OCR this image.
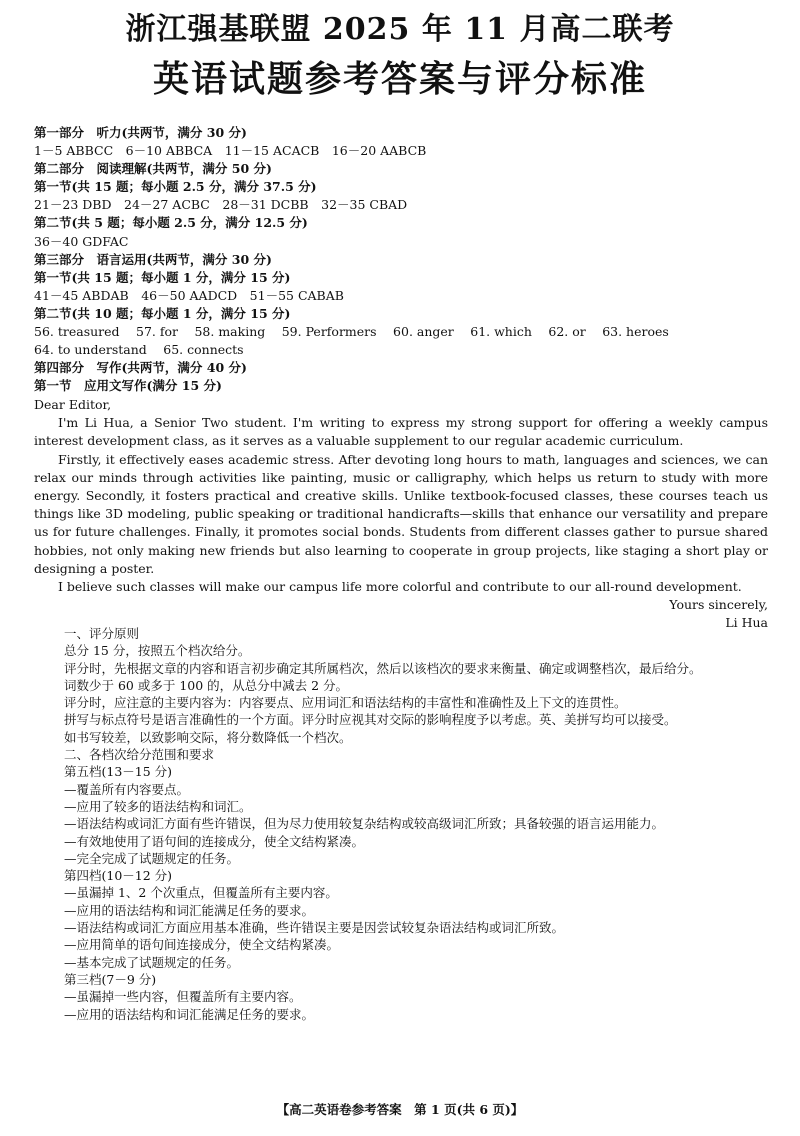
浙江强基联盟 2025 年 11 月高二联考
英语试题参考答案与评分标准
第一部分　听力(共两节，满分 30 分)
1－5 ABBCC　6－10 ABBCA　11－15 ACACB　16－20 AABCB
第二部分　阅读理解(共两节，满分 50 分)
第一节(共 15 题；每小题 2.5 分，满分 37.5 分)
21－23 DBD　24－27 ACBC　28－31 DCBB　32－35 CBAD
第二节(共 5 题；每小题 2.5 分，满分 12.5 分)
36－40 GDFAC
第三部分　语言运用(共两节，满分 30 分)
第一节(共 15 题；每小题 1 分，满分 15 分)
41－45 ABDAB　46－50 AADCD　51－55 CABAB
第二节(共 10 题；每小题 1 分，满分 15 分)
56. treasured　 57. for　 58. making　 59. Performers　 60. anger　 61. which　 62. or　 63. heroes
64. to understand　 65. connects
第四部分　写作(共两节，满分 40 分)
第一节　应用文写作(满分 15 分)

Dear Editor,

I'm Li Hua, a Senior Two student. I'm writing to express my strong support for offering a weekly campus interest development class, as it serves as a valuable supplement to our regular academic curriculum.

Firstly, it effectively eases academic stress. After devoting long hours to math, languages and sciences, we can relax our minds through activities like painting, music or calligraphy, which helps us return to study with more energy. Secondly, it fosters practical and creative skills. Unlike textbook-focused classes, these courses teach us things like 3D modeling, public speaking or traditional handicrafts—skills that enhance our versatility and prepare us for future challenges. Finally, it promotes social bonds. Students from different classes gather to pursue shared hobbies, not only making new friends but also learning to cooperate in group projects, like staging a short play or designing a poster.

I believe such classes will make our campus life more colorful and contribute to our all-round development.

Yours sincerely,

Li Hua

一、评分原则

总分 15 分，按照五个档次给分。

评分时，先根据文章的内容和语言初步确定其所属档次，然后以该档次的要求来衡量、确定或调整档次，最后给分。

词数少于 60 或多于 100 的，从总分中减去 2 分。

评分时，应注意的主要内容为：内容要点、应用词汇和语法结构的丰富性和准确性及上下文的连贯性。

拼写与标点符号是语言准确性的一个方面。评分时应视其对交际的影响程度予以考虑。英、美拼写均可以接受。

如书写较差，以致影响交际，将分数降低一个档次。

二、各档次给分范围和要求

第五档(13－15 分)

—覆盖所有内容要点。

—应用了较多的语法结构和词汇。

—语法结构或词汇方面有些许错误，但为尽力使用较复杂结构或较高级词汇所致；具备较强的语言运用能力。

—有效地使用了语句间的连接成分，使全文结构紧凑。

—完全完成了试题规定的任务。

第四档(10－12 分)

—虽漏掉 1、2 个次重点，但覆盖所有主要内容。

—应用的语法结构和词汇能满足任务的要求。

—语法结构或词汇方面应用基本准确，些许错误主要是因尝试较复杂语法结构或词汇所致。

—应用简单的语句间连接成分，使全文结构紧凑。

—基本完成了试题规定的任务。

第三档(7－9 分)

—虽漏掉一些内容，但覆盖所有主要内容。

—应用的语法结构和词汇能满足任务的要求。

【高二英语卷参考答案　第 1 页(共 6 页)】
